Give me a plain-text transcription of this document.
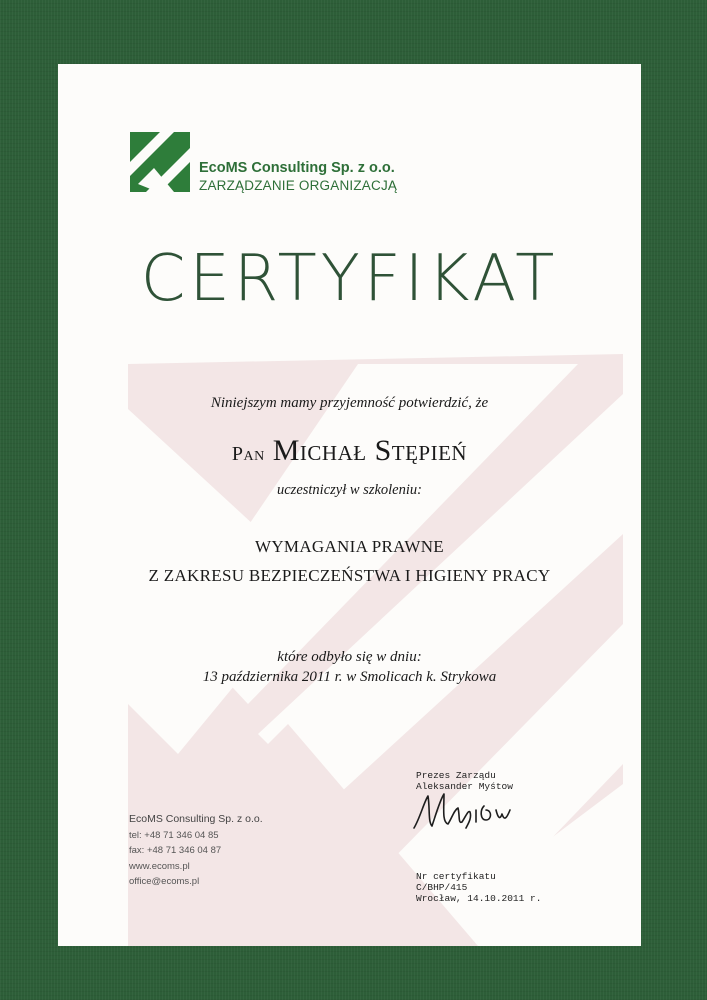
EcoMS Consulting Sp. z o.o.
ZARZĄDZANIE ORGANIZACJĄ
CERTYFIKAT
Niniejszym mamy przyjemność potwierdzić, że
Pan Michał Stępień
uczestniczył w szkoleniu:
WYMAGANIA PRAWNE
Z ZAKRESU BEZPIECZEŃSTWA I HIGIENY PRACY
które odbyło się w dniu:
13 października 2011 r. w Smolicach k. Strykowa
EcoMS Consulting Sp. z o.o.
tel: +48 71 346 04 85
fax: +48 71 346 04 87
www.ecoms.pl
office@ecoms.pl
Prezes Zarządu
Aleksander Myśtow
Nr certyfikatu
C/BHP/415
Wrocław, 14.10.2011 r.
